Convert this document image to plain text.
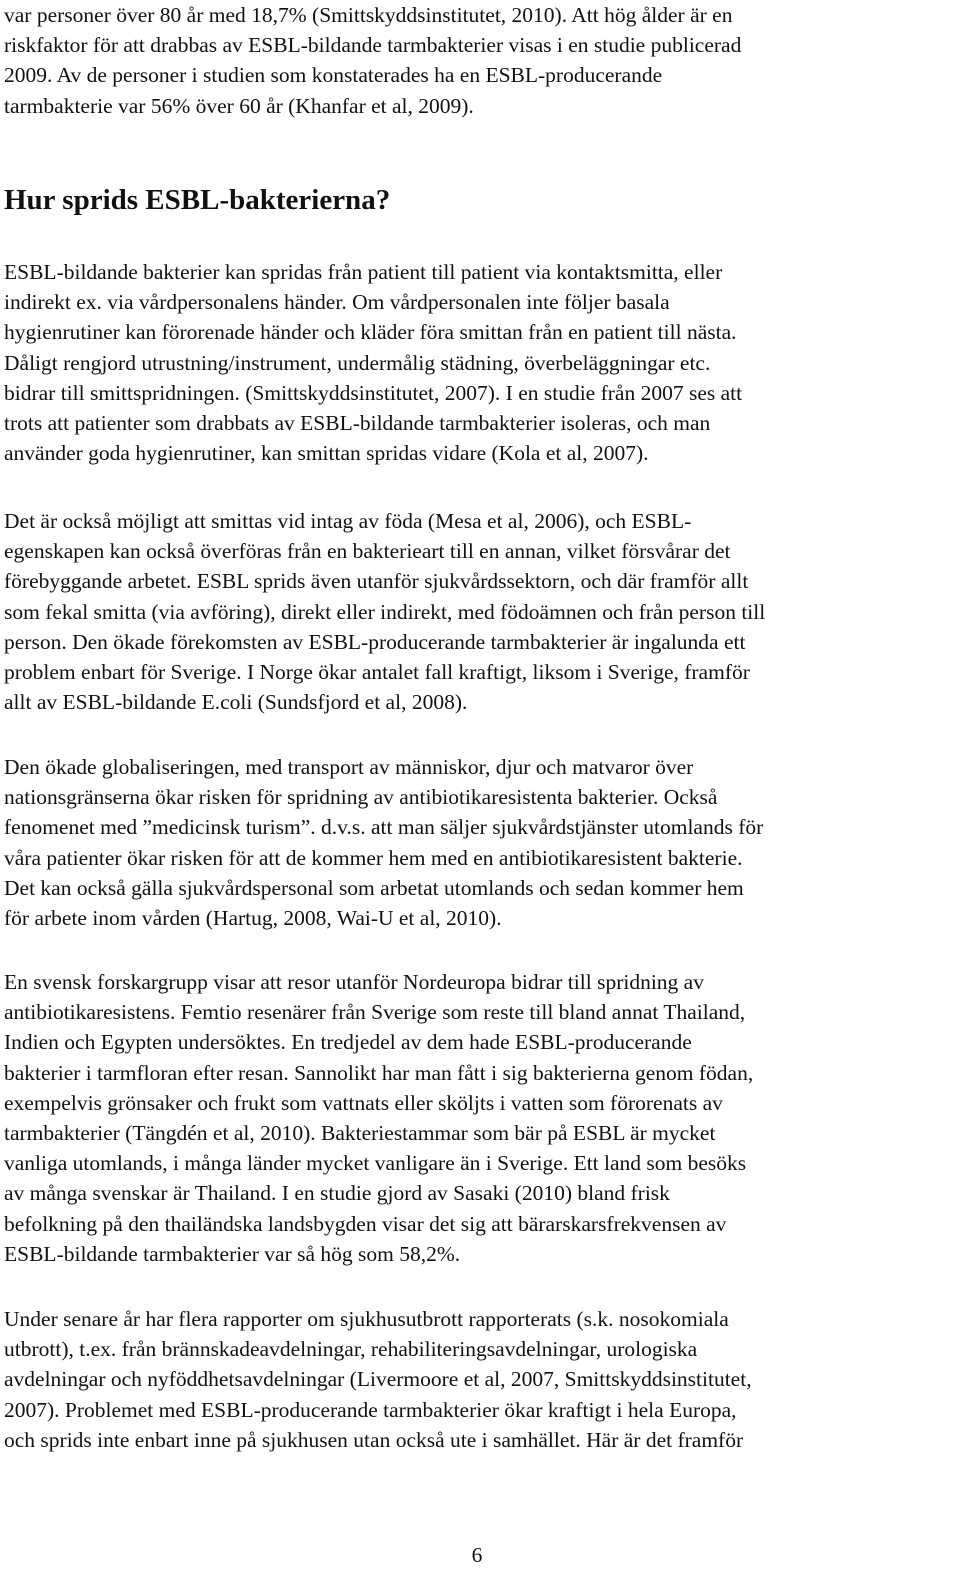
var personer över 80 år med 18,7% (Smittskyddsinstitutet, 2010). Att hög ålder är en
riskfaktor för att drabbas av ESBL-bildande tarmbakterier visas i en studie publicerad
2009. Av de personer i studien som konstaterades ha en ESBL-producerande
tarmbakterie var 56% över 60 år (Khanfar et al, 2009).

Hur sprids ESBL-bakterierna?

ESBL-bildande bakterier kan spridas från patient till patient via kontaktsmitta, eller
indirekt ex. via vårdpersonalens händer. Om vårdpersonalen inte följer basala
hygienrutiner kan förorenade händer och kläder föra smittan från en patient till nästa.
Dåligt rengjord utrustning/instrument, undermålig städning, överbeläggningar etc.
bidrar till smittspridningen. (Smittskyddsinstitutet, 2007). I en studie från 2007 ses att
trots att patienter som drabbats av ESBL-bildande tarmbakterier isoleras, och man
använder goda hygienrutiner, kan smittan spridas vidare (Kola et al, 2007).

Det är också möjligt att smittas vid intag av föda (Mesa et al, 2006), och ESBL-
egenskapen kan också överföras från en bakterieart till en annan, vilket försvårar det
förebyggande arbetet. ESBL sprids även utanför sjukvårdssektorn, och där framför allt
som fekal smitta (via avföring), direkt eller indirekt, med födoämnen och från person till
person. Den ökade förekomsten av ESBL-producerande tarmbakterier är ingalunda ett
problem enbart för Sverige. I Norge ökar antalet fall kraftigt, liksom i Sverige, framför
allt av ESBL-bildande E.coli (Sundsfjord et al, 2008).

Den ökade globaliseringen, med transport av människor, djur och matvaror över
nationsgränserna ökar risken för spridning av antibiotikaresistenta bakterier. Också
fenomenet med ”medicinsk turism”. d.v.s. att man säljer sjukvårdstjänster utomlands för
våra patienter ökar risken för att de kommer hem med en antibiotikaresistent bakterie.
Det kan också gälla sjukvårdspersonal som arbetat utomlands och sedan kommer hem
för arbete inom vården (Hartug, 2008, Wai-U et al, 2010).

En svensk forskargrupp visar att resor utanför Nordeuropa bidrar till spridning av
antibiotikaresistens. Femtio resenärer från Sverige som reste till bland annat Thailand,
Indien och Egypten undersöktes. En tredjedel av dem hade ESBL-producerande
bakterier i tarmfloran efter resan. Sannolikt har man fått i sig bakterierna genom födan,
exempelvis grönsaker och frukt som vattnats eller sköljts i vatten som förorenats av
tarmbakterier (Tängdén et al, 2010). Bakteriestammar som bär på ESBL är mycket
vanliga utomlands, i många länder mycket vanligare än i Sverige. Ett land som besöks
av många svenskar är Thailand. I en studie gjord av Sasaki (2010) bland frisk
befolkning på den thailändska landsbygden visar det sig att bärarskarsfrekvensen av
ESBL-bildande tarmbakterier var så hög som 58,2%.

Under senare år har flera rapporter om sjukhusutbrott rapporterats (s.k. nosokomiala
utbrott), t.ex. från brännskadeavdelningar, rehabiliteringsavdelningar, urologiska
avdelningar och nyföddhetsavdelningar (Livermoore et al, 2007, Smittskyddsinstitutet,
2007). Problemet med ESBL-producerande tarmbakterier ökar kraftigt i hela Europa,
och sprids inte enbart inne på sjukhusen utan också ute i samhället. Här är det framför

6
